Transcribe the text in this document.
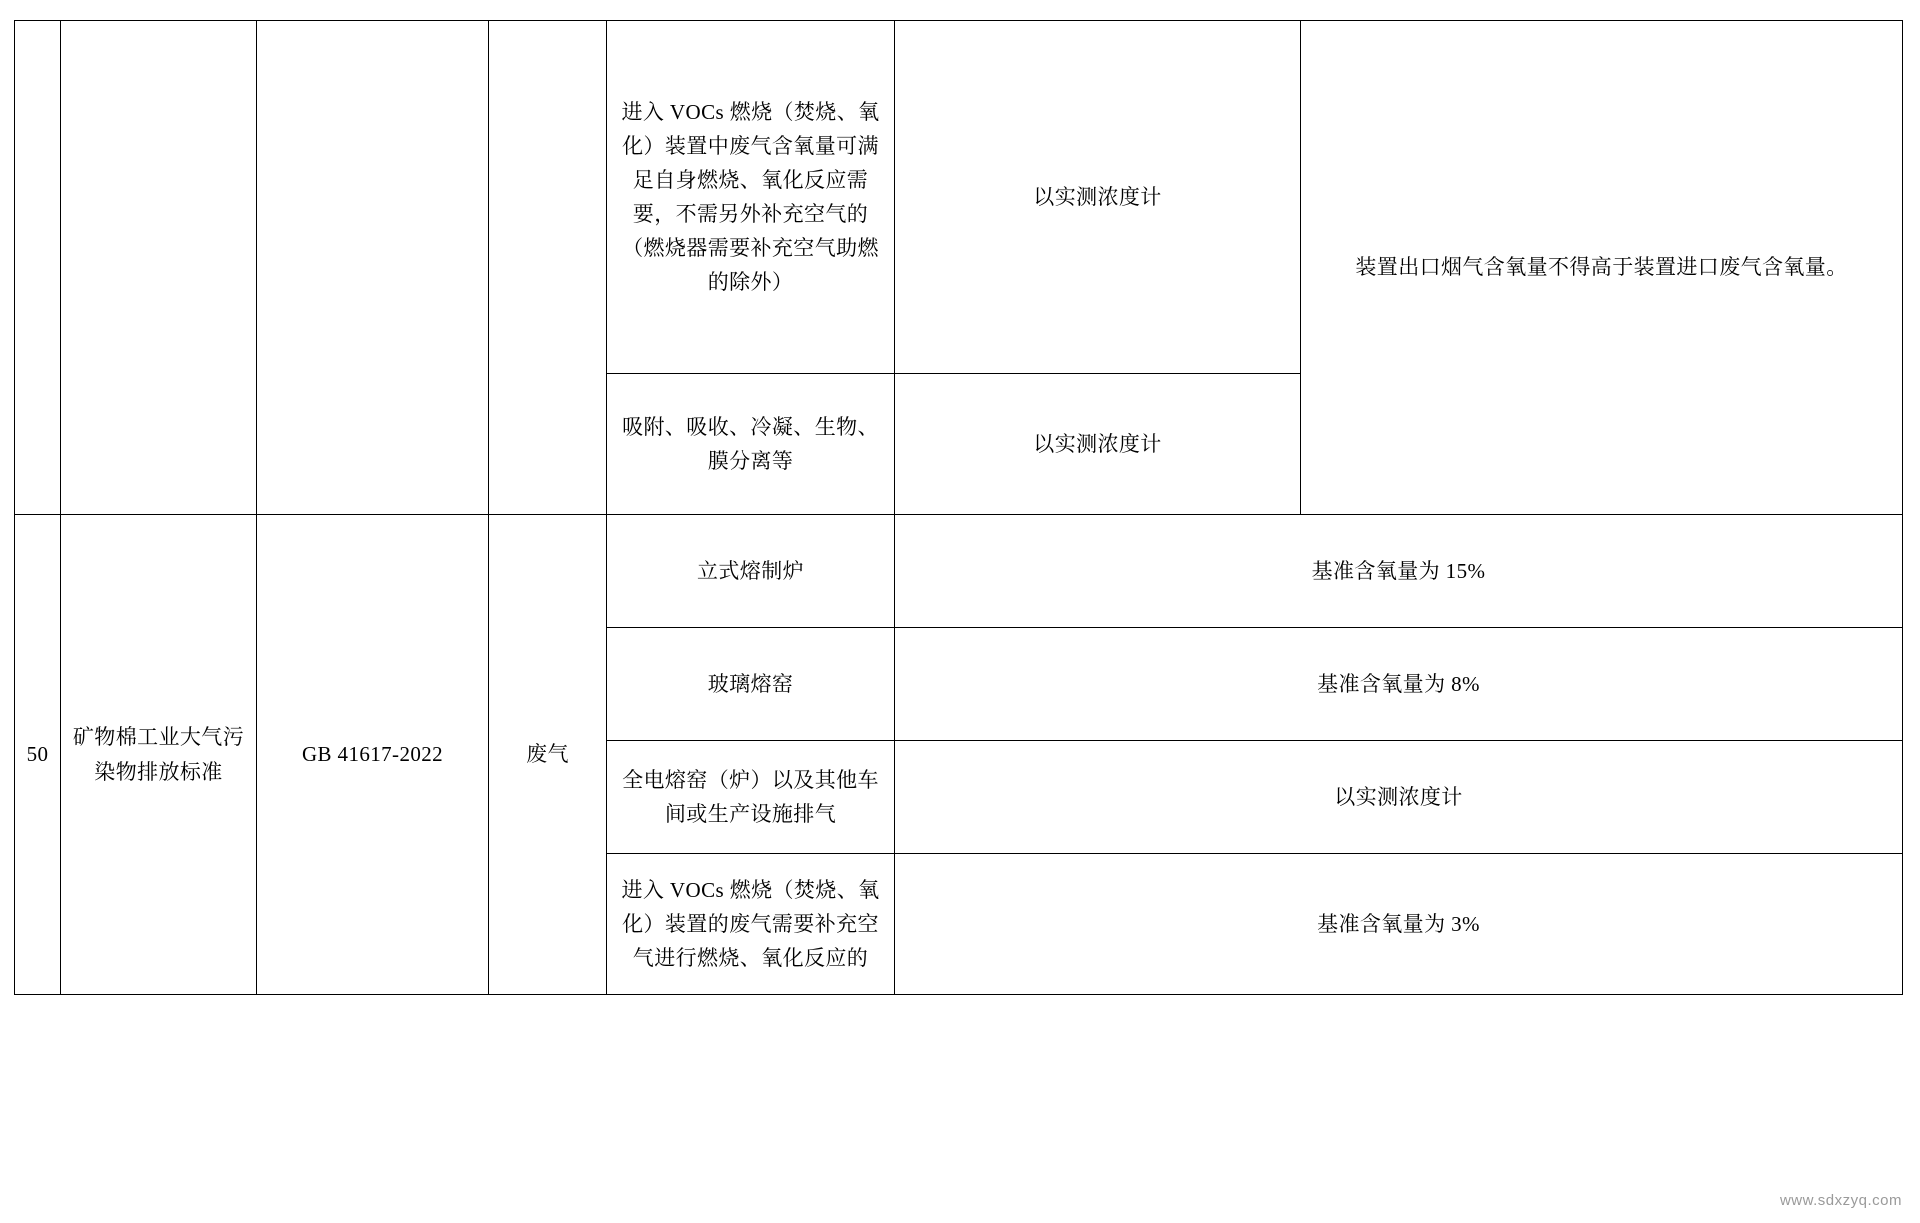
				进入 VOCs 燃烧（焚烧、氧化）装置中废气含氧量可满足自身燃烧、氧化反应需要，不需另外补充空气的（燃烧器需要补充空气助燃的除外）	以实测浓度计	装置出口烟气含氧量不得高于装置进口废气含氧量。
				吸附、吸收、冷凝、生物、膜分离等	以实测浓度计	
50	矿物棉工业大气污染物排放标准	GB 41617-2022	废气	立式熔制炉	基准含氧量为 15%	
				玻璃熔窑	基准含氧量为 8%	
				全电熔窑（炉）以及其他车间或生产设施排气	以实测浓度计	
				进入 VOCs 燃烧（焚烧、氧化）装置的废气需要补充空气进行燃烧、氧化反应的	基准含氧量为 3%	
www.sdxzyq.com
